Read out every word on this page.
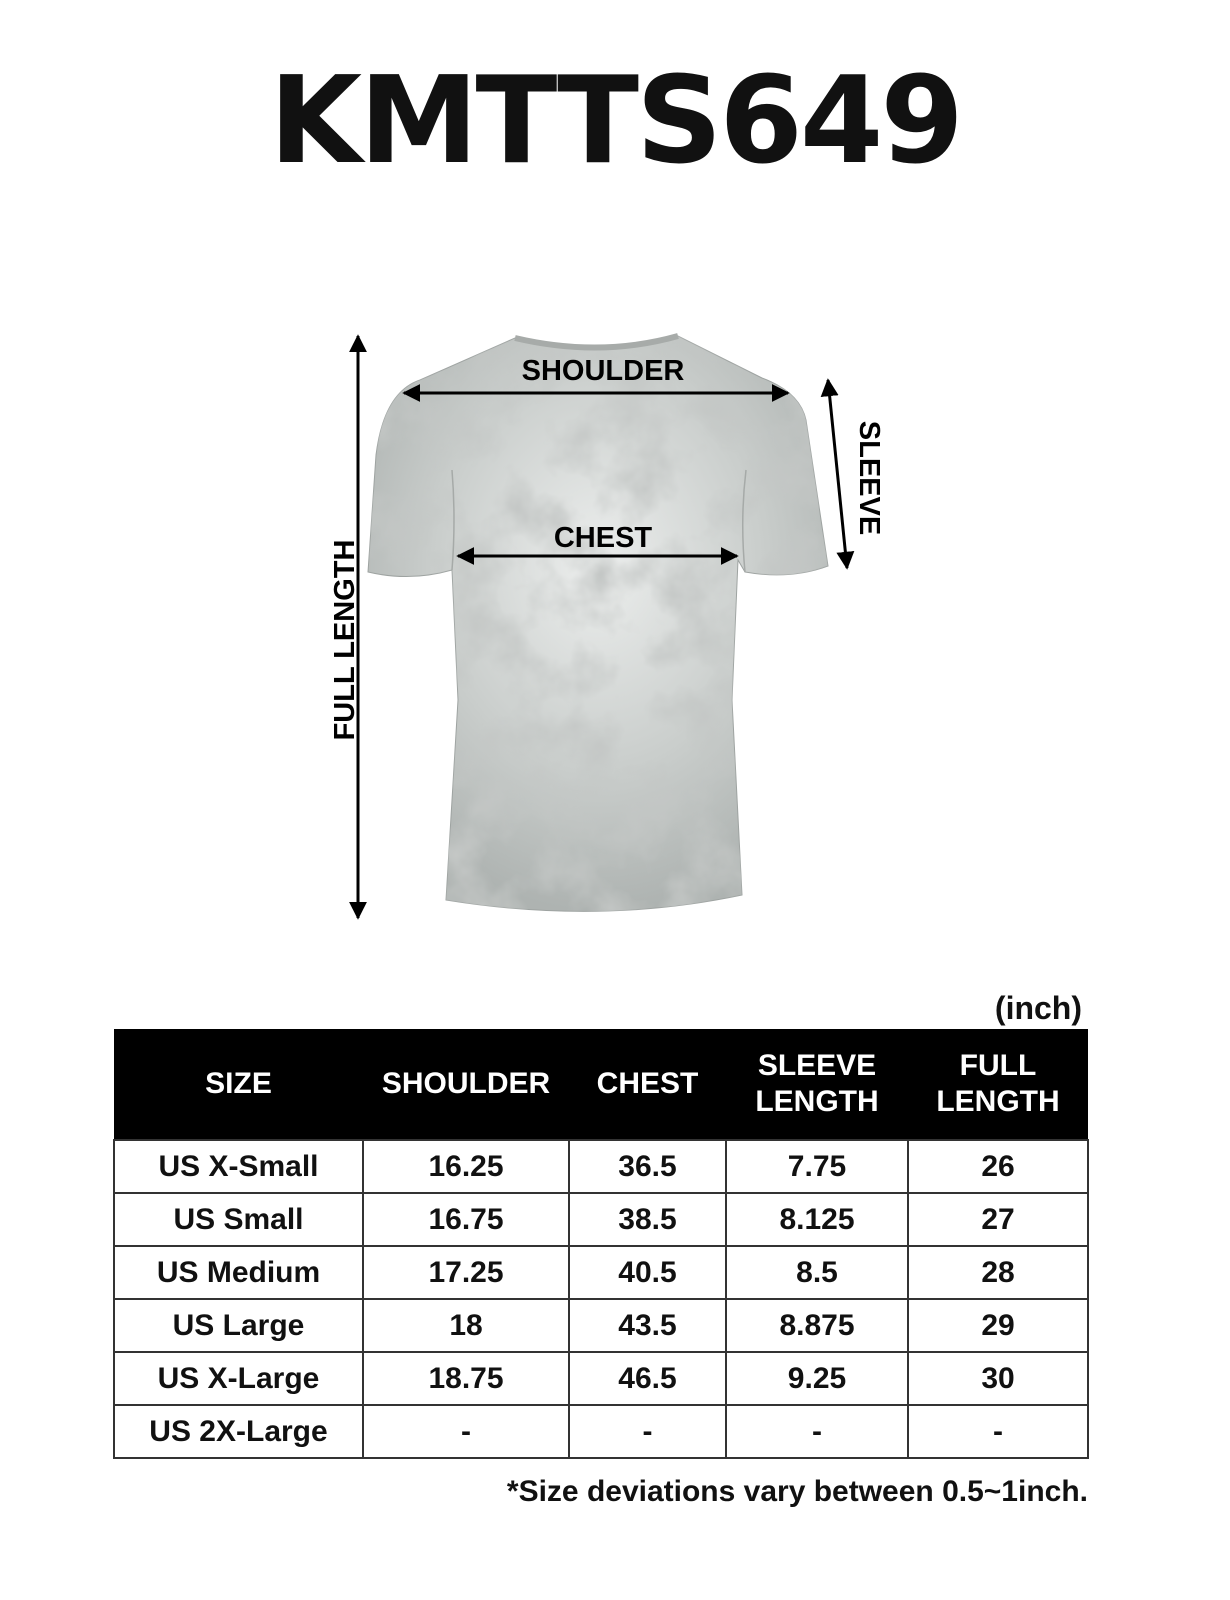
KMTTS649
FULL LENGTH
SHOULDER
CHEST
SLEEVE
(inch)
SIZE	SHOULDER	CHEST	SLEEVE LENGTH	FULL LENGTH
US X-Small	16.25	36.5	7.75	26
US Small	16.75	38.5	8.125	27
US Medium	17.25	40.5	8.5	28
US Large	18	43.5	8.875	29
US X-Large	18.75	46.5	9.25	30
US 2X-Large	-	-	-	-
*Size deviations vary between 0.5~1inch.
